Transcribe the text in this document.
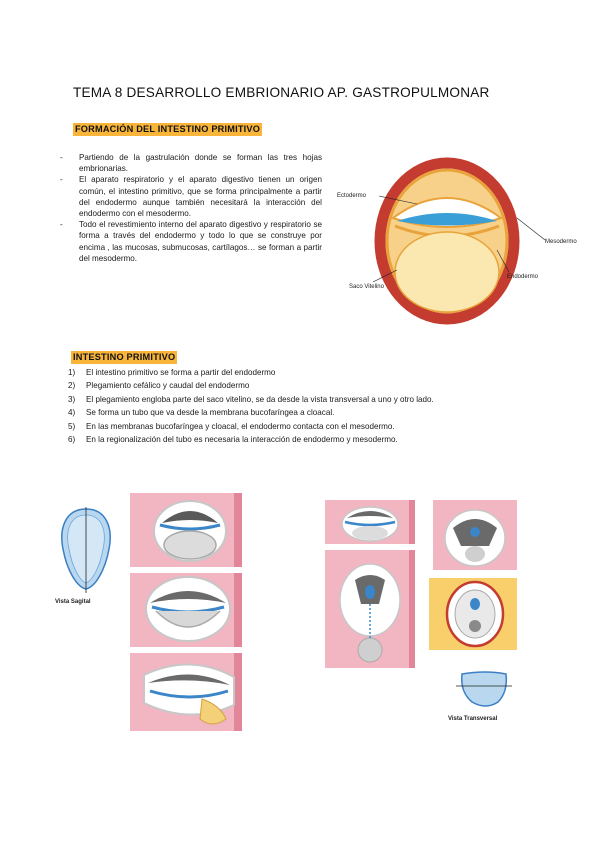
TEMA 8 DESARROLLO EMBRIONARIO AP. GASTROPULMONAR
FORMACIÓN DEL INTESTINO PRIMITIVO
- Partiendo de la gastrulación donde se forman las tres hojas embrionarias.
- El aparato respiratorio y el aparato digestivo tienen un origen común, el intestino primitivo, que se forma principalmente a partir del endodermo aunque también necesitará la interacción del endodermo con el mesodermo.
- Todo el revestimiento interno del aparato digestivo y respiratorio se forma a través del endodermo y todo lo que se construye por encima , las mucosas, submucosas, cartílagos… se forman a partir del mesodermo.
Ectodermo
Mesodermo
Endodermo
Saco Vitelino
INTESTINO PRIMITIVO
1) El intestino primitivo se forma a partir del endodermo
2) Plegamiento cefálico y caudal del endodermo
3) El plegamiento engloba parte del saco vitelino, se da desde la vista transversal a uno y otro lado.
4) Se forma un tubo que va desde la membrana bucofaríngea a cloacal.
5) En las membranas bucofaríngea y cloacal, el endodermo contacta con el mesodermo.
6) En la regionalización del tubo es necesaria la interacción de endodermo y mesodermo.
Vista Sagital
Vista Transversal
